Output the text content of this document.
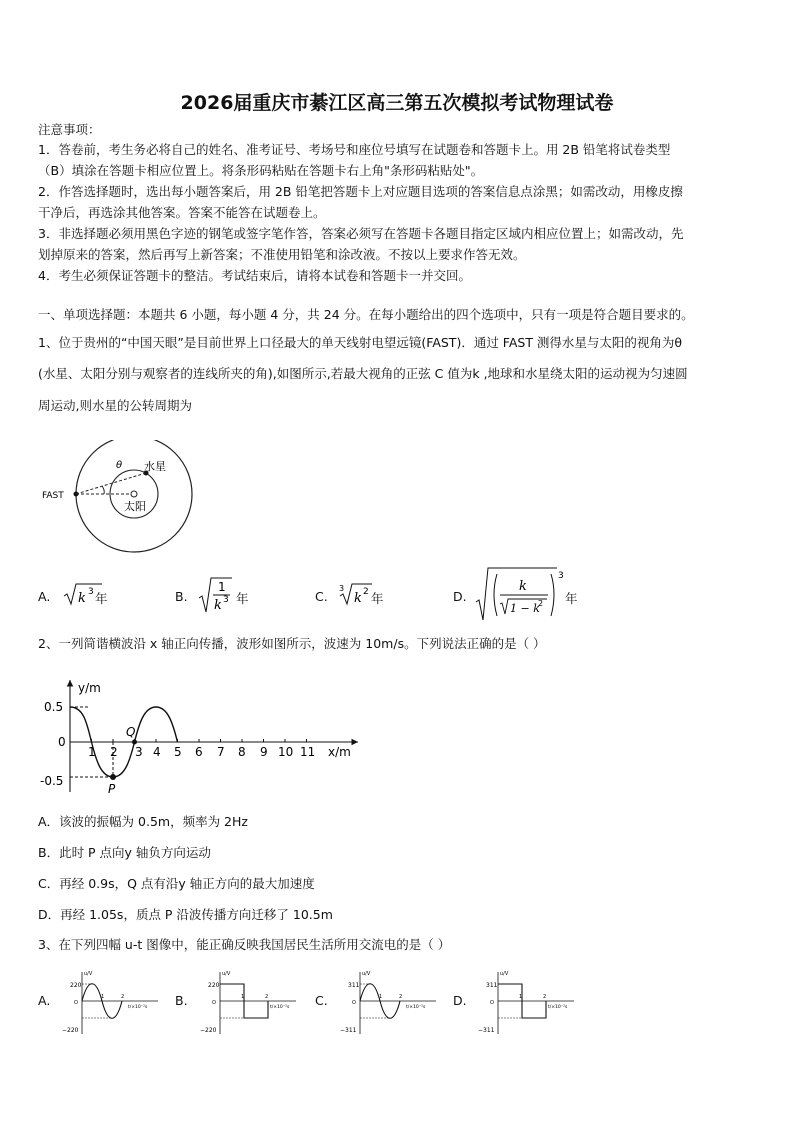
2026届重庆市綦江区高三第五次模拟考试物理试卷
注意事项：
1．答卷前，考生务必将自己的姓名、准考证号、考场号和座位号填写在试题卷和答题卡上。用 2B 铅笔将试卷类型
（B）填涂在答题卡相应位置上。将条形码粘贴在答题卡右上角"条形码粘贴处"。
2．作答选择题时，选出每小题答案后，用 2B 铅笔把答题卡上对应题目选项的答案信息点涂黑；如需改动，用橡皮擦
干净后，再选涂其他答案。答案不能答在试题卷上。
3．非选择题必须用黑色字迹的钢笔或签字笔作答，答案必须写在答题卡各题目指定区域内相应位置上；如需改动，先
划掉原来的答案，然后再写上新答案；不准使用铅笔和涂改液。不按以上要求作答无效。
4．考生必须保证答题卡的整洁。考试结束后，请将本试卷和答题卡一并交回。
一、单项选择题：本题共 6 小题，每小题 4 分，共 24 分。在每小题给出的四个选项中，只有一项是符合题目要求的。
1、位于贵州的“中国天眼”是目前世界上口径最大的单天线射电望远镜(FAST)．通过 FAST 测得水星与太阳的视角为θ
(水星、太阳分别与观察者的连线所夹的角),如图所示,若最大视角的正弦 C 值为k ,地球和水星绕太阳的运动视为匀速圆
周运动,则水星的公转周期为
FAST
θ 水星
太阳
A. k 3 年	B.
1
k 3 年	C.
3
k 2 年	D.
k
1 − k
2
3
年
2、一列简谐横波沿 x 轴正向传播，波形如图所示，波速为 10m/s。下列说法正确的是（ ）
y/m
x/m
0.5
0
-0.5
1 2 3 4 5 6 7 8 9 10 11
Q
P
A．该波的振幅为 0.5m，频率为 2Hz
B．此时 P 点向y 轴负方向运动
C．再经 0.9s，Q 点有沿y 轴正方向的最大加速度
D．再经 1.05s，质点 P 沿波传播方向迁移了 10.5m
3、在下列四幅 u-t 图像中，能正确反映我国居民生活所用交流电的是（ ）
A.
u/V
220
−220
O
1	2
t/×10⁻²s B.
u/V
220
−220
O
1	2
t/×10⁻²s C.
u/V
311
−311
O
1	2
t/×10⁻²s D.
u/V
311
−311
O
1	2
t/×10⁻²s
